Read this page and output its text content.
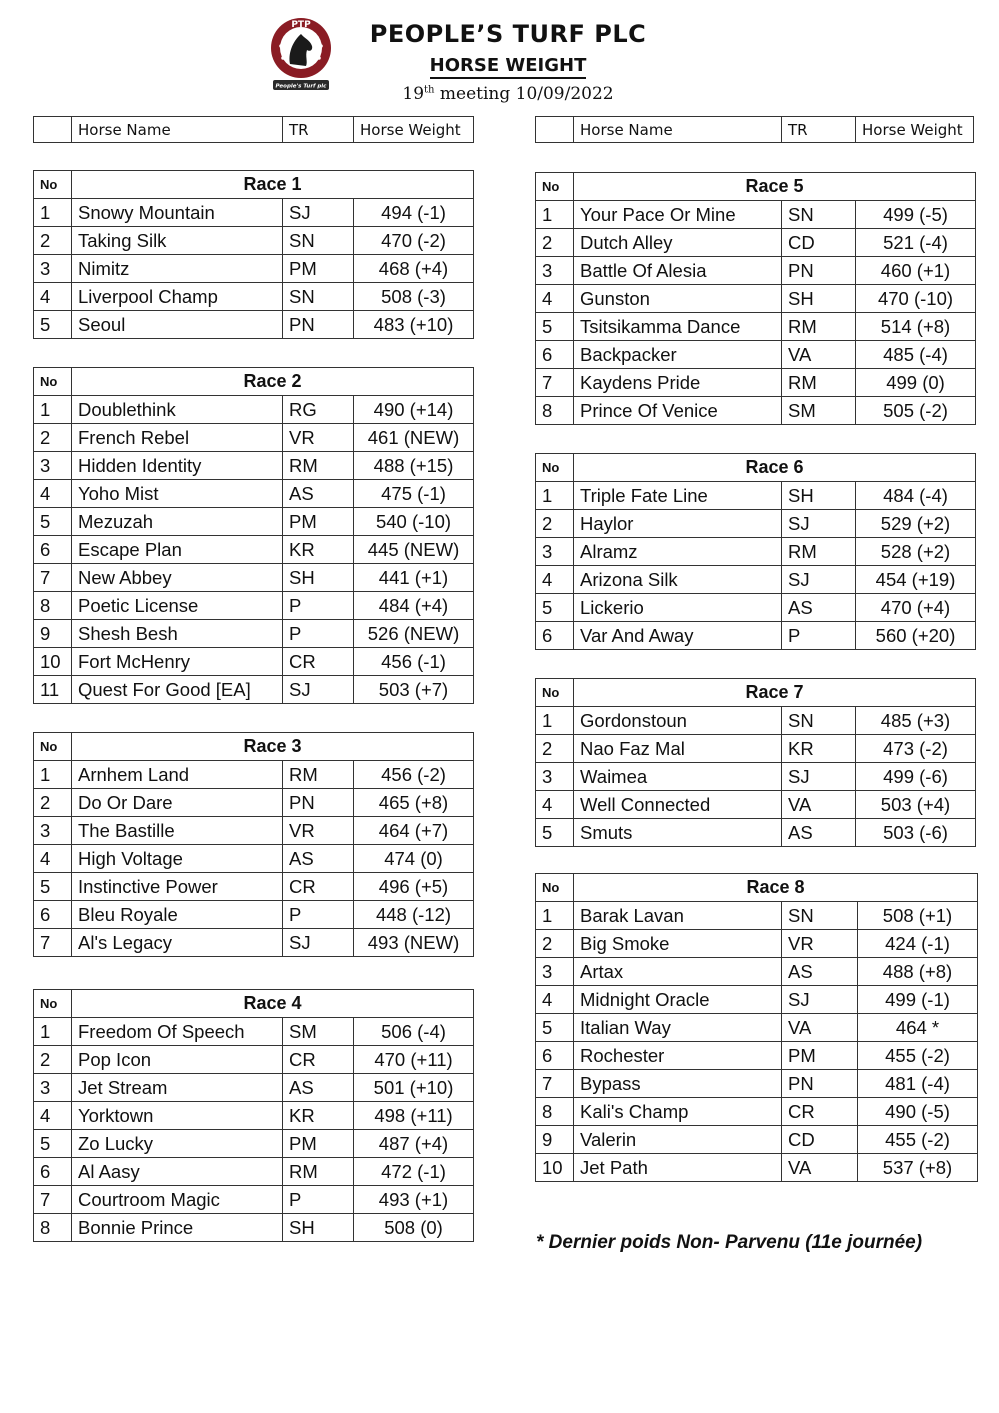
PTP
EST. 2023
People's Turf plc
PEOPLE’S TURF PLC
HORSE WEIGHT
19th meeting 10/09/2022
	Horse Name	TR	Horse Weight
		Horse Name	TR	Horse Weight
No	Race 1		
1	Snowy Mountain	SJ	494 (-1)
2	Taking Silk	SN	470 (-2)
3	Nimitz	PM	468 (+4)
4	Liverpool Champ	SN	508 (-3)
5	Seoul	PN	483 (+10)
No	Race 2		
1	Doublethink	RG	490 (+14)
2	French Rebel	VR	461 (NEW)
3	Hidden Identity	RM	488 (+15)
4	Yoho Mist	AS	475 (-1)
5	Mezuzah	PM	540 (-10)
6	Escape Plan	KR	445 (NEW)
7	New Abbey	SH	441 (+1)
8	Poetic License	P	484 (+4)
9	Shesh Besh	P	526 (NEW)
10	Fort McHenry	CR	456 (-1)
11	Quest For Good [EA]	SJ	503 (+7)
No	Race 3		
1	Arnhem Land	RM	456 (-2)
2	Do Or Dare	PN	465 (+8)
3	The Bastille	VR	464 (+7)
4	High Voltage	AS	474 (0)
5	Instinctive Power	CR	496 (+5)
6	Bleu Royale	P	448 (-12)
7	Al's Legacy	SJ	493 (NEW)
No	Race 4		
1	Freedom Of Speech	SM	506 (-4)
2	Pop Icon	CR	470 (+11)
3	Jet Stream	AS	501 (+10)
4	Yorktown	KR	498 (+11)
5	Zo Lucky	PM	487 (+4)
6	Al Aasy	RM	472 (-1)
7	Courtroom Magic	P	493 (+1)
8	Bonnie Prince	SH	508 (0)
No	Race 5		
1	Your Pace Or Mine	SN	499 (-5)
2	Dutch Alley	CD	521 (-4)
3	Battle Of Alesia	PN	460 (+1)
4	Gunston	SH	470 (-10)
5	Tsitsikamma Dance	RM	514 (+8)
6	Backpacker	VA	485 (-4)
7	Kaydens Pride	RM	499 (0)
8	Prince Of Venice	SM	505 (-2)
No	Race 6		
1	Triple Fate Line	SH	484 (-4)
2	Haylor	SJ	529 (+2)
3	Alramz	RM	528 (+2)
4	Arizona Silk	SJ	454 (+19)
5	Lickerio	AS	470 (+4)
6	Var And Away	P	560 (+20)
No	Race 7		
1	Gordonstoun	SN	485 (+3)
2	Nao Faz Mal	KR	473 (-2)
3	Waimea	SJ	499 (-6)
4	Well Connected	VA	503 (+4)
5	Smuts	AS	503 (-6)
No	Race 8		
1	Barak Lavan	SN	508 (+1)
2	Big Smoke	VR	424 (-1)
3	Artax	AS	488 (+8)
4	Midnight Oracle	SJ	499 (-1)
5	Italian Way	VA	464 *
6	Rochester	PM	455 (-2)
7	Bypass	PN	481 (-4)
8	Kali's Champ	CR	490 (-5)
9	Valerin	CD	455 (-2)
10	Jet Path	VA	537 (+8)
* Dernier poids Non- Parvenu (11e journée)
